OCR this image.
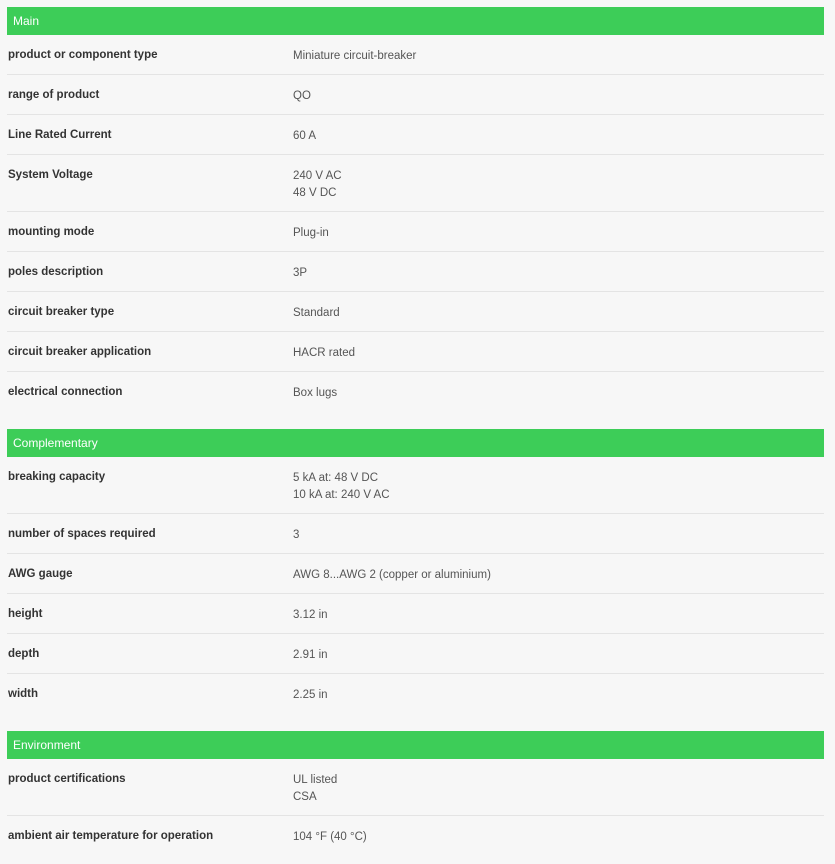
Main
product or component type	Miniature circuit-breaker
range of product	QO
Line Rated Current	60 A
System Voltage	240 V AC
48 V DC
mounting mode	Plug-in
poles description	3P
circuit breaker type	Standard
circuit breaker application	HACR rated
electrical connection	Box lugs
Complementary
breaking capacity	5 kA at: 48 V DC
10 kA at: 240 V AC
number of spaces required	3
AWG gauge	AWG 8...AWG 2 (copper or aluminium)
height	3.12 in
depth	2.91 in
width	2.25 in
Environment
product certifications	UL listed
CSA
ambient air temperature for operation	104 °F (40 °C)
